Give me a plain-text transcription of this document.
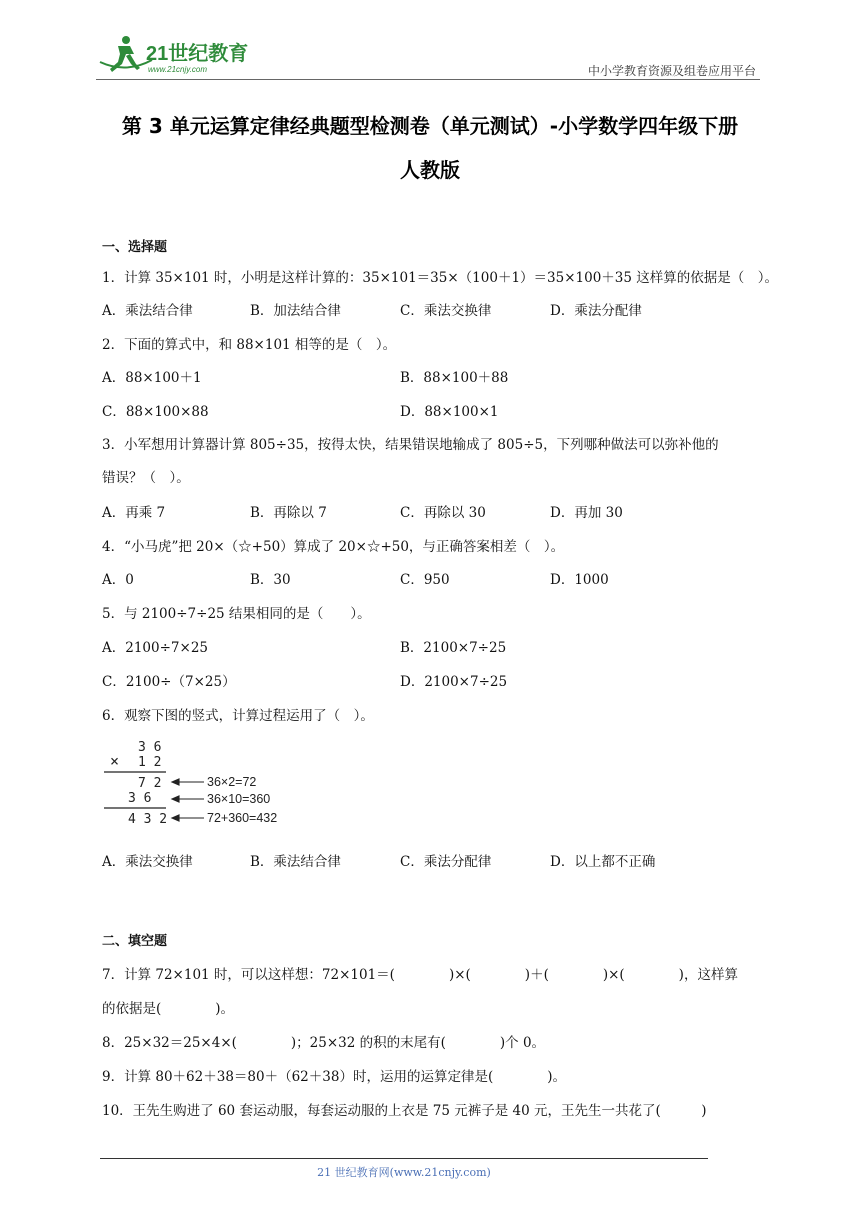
21世纪教育
www.21cnjy.com	中小学教育资源及组卷应用平台
第 3 单元运算定律经典题型检测卷（单元测试）-小学数学四年级下册
人教版
一、选择题
1．计算 35×101 时，小明是这样计算的：35×101＝35×（100＋1）＝35×100＋35 这样算的依据是（　）。
A．乘法结合律	B．加法结合律	C．乘法交换律	D．乘法分配律
2．下面的算式中，和 88×101 相等的是（　）。
A．88×100＋1	B．88×100＋88
C．88×100×88	D．88×100×1
3．小军想用计算器计算 805÷35，按得太快，结果错误地输成了 805÷5，下列哪种做法可以弥补他的
错误？（　）。
A．再乘 7	B．再除以 7	C．再除以 30	D．再加 30
4．“小马虎”把 20×（☆+50）算成了 20×☆+50，与正确答案相差（　）。
A．0	B．30	C．950	D．1000
5．与 2100÷7÷25 结果相同的是（　　）。
A．2100÷7×25	B．2100×7÷25
C．2100÷（7×25）	D．2100×7÷25
6．观察下图的竖式，计算过程运用了（　）。
3 6
× 1 2
7 2
3 6
4 3 2
36×2=72
36×10=360
72+360=432
A．乘法交换律	B．乘法结合律	C．乘法分配律	D．以上都不正确
二、填空题
7．计算 72×101 时，可以这样想：72×101＝(　　　　)×(　　　　)＋(　　　　)×(　　　　)，这样算
的依据是(　　　　)。
8．25×32＝25×4×(　　　　)；25×32 的积的末尾有(　　　　)个 0。
9．计算 80＋62＋38＝80＋（62＋38）时，运用的运算定律是(　　　　)。
10．王先生购进了 60 套运动服，每套运动服的上衣是 75 元裤子是 40 元，王先生一共花了(　　　)
21 世纪教育网(www.21cnjy.com)
